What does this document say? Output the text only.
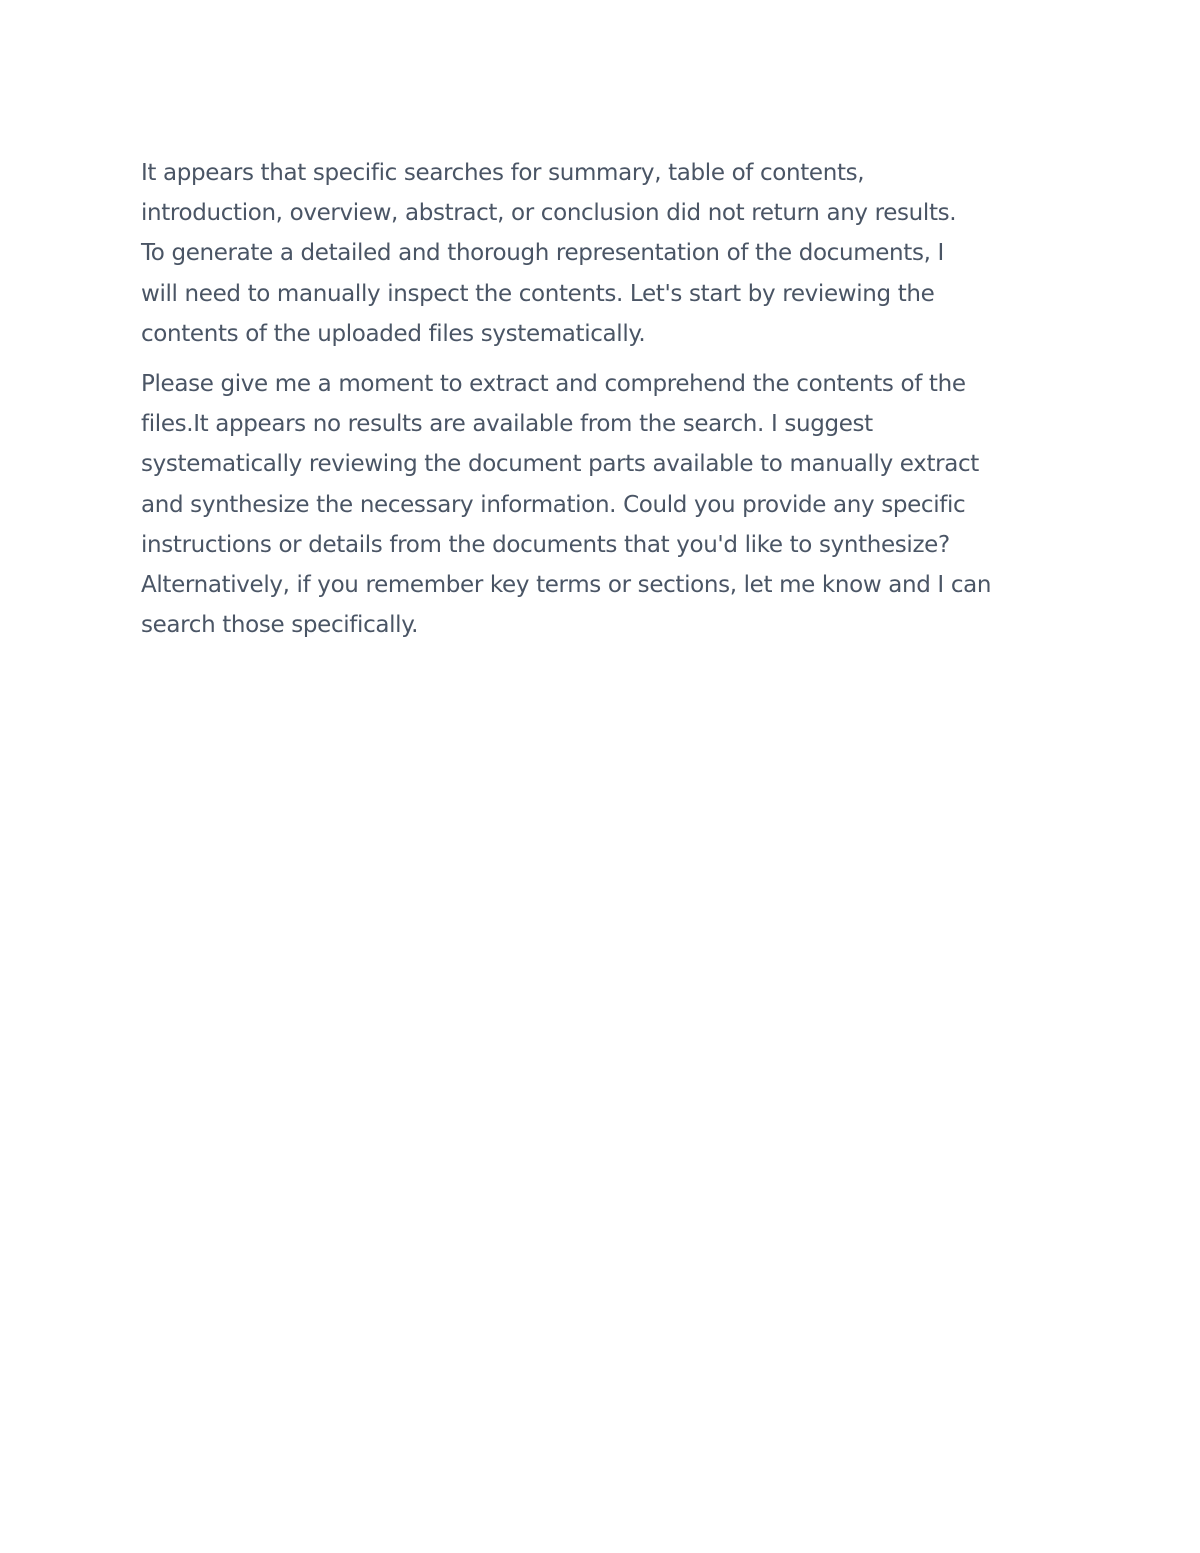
It appears that specific searches for summary, table of contents,
introduction, overview, abstract, or conclusion did not return any results.
To generate a detailed and thorough representation of the documents, I
will need to manually inspect the contents. Let's start by reviewing the
contents of the uploaded files systematically.

Please give me a moment to extract and comprehend the contents of the
files.It appears no results are available from the search. I suggest
systematically reviewing the document parts available to manually extract
and synthesize the necessary information. Could you provide any specific
instructions or details from the documents that you'd like to synthesize?
Alternatively, if you remember key terms or sections, let me know and I can
search those specifically.
